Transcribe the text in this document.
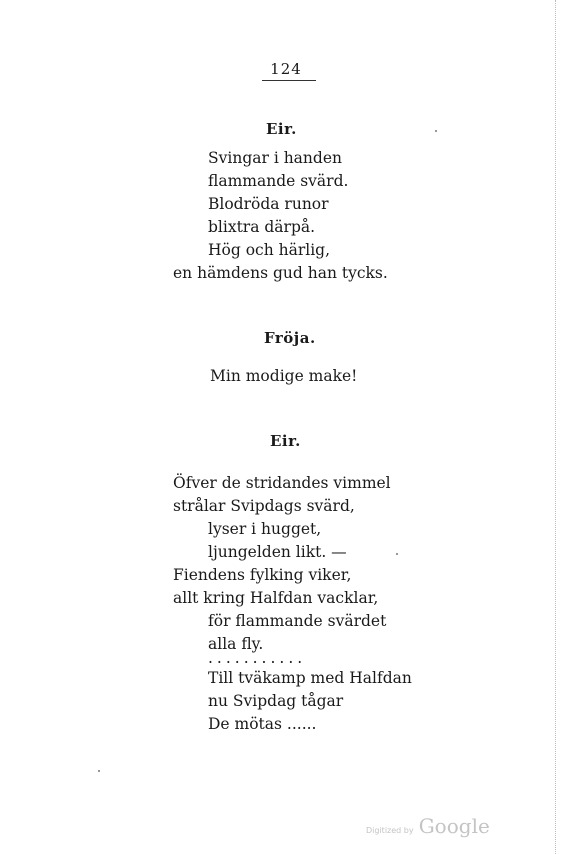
124
Eir.
Svingar i handen
flammande svärd.
Blodröda runor
blixtra därpå.
Hög och härlig,
en hämdens gud han tycks.
Fröja.
Min modige make!
Eir.
Öfver de stridandes vimmel
strålar Svipdags svärd,
lyser i hugget,
ljungelden likt. —
Fiendens fylking viker,
allt kring Halfdan vacklar,
för flammande svärdet
alla fly.
...........
Till tväkamp med Halfdan
nu Svipdag tågar
De mötas ......
Digitized by Google
